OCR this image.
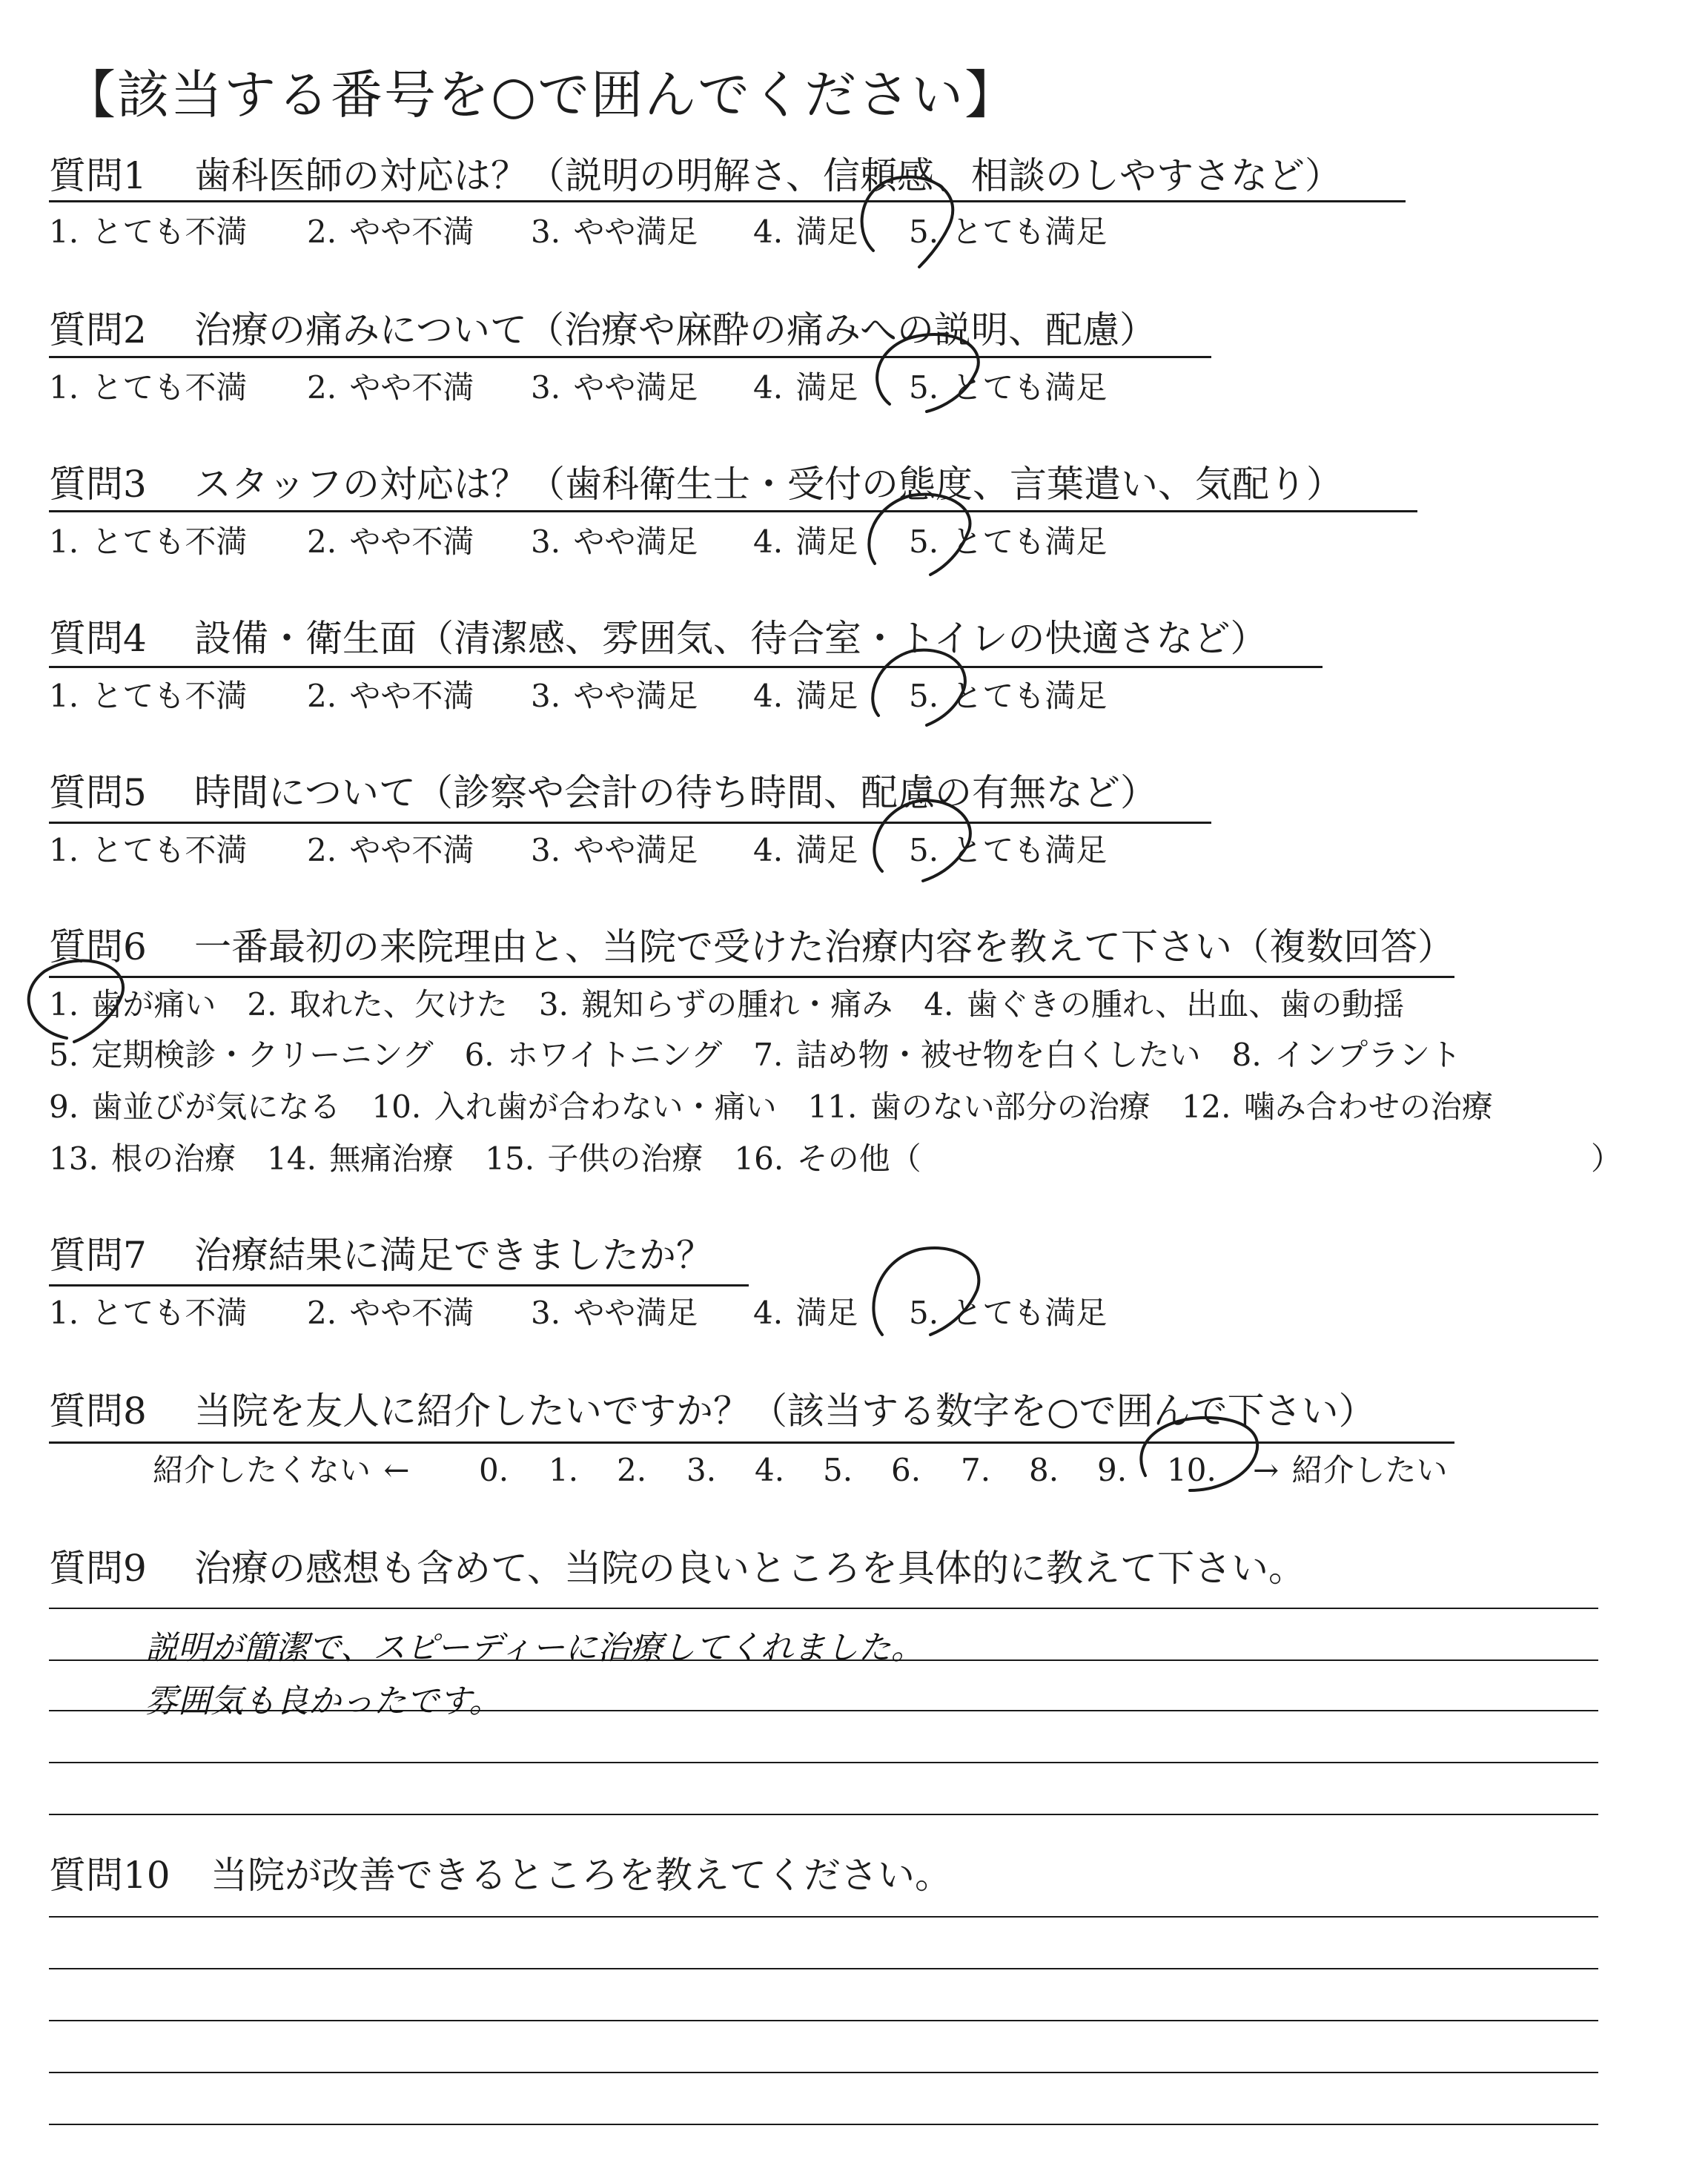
【該当する番号を○で囲んでください】
質問1 歯科医師の対応は？（説明の明解さ、信頼感、相談のしやすさなど）
1. とても不満 2. やや不満 3. やや満足 4. 満足 5. とても満足
質問2 治療の痛みについて（治療や麻酔の痛みへの説明、配慮）
1. とても不満 2. やや不満 3. やや満足 4. 満足 5. とても満足
質問3 スタッフの対応は？（歯科衛生士・受付の態度、言葉遣い、気配り）
1. とても不満 2. やや不満 3. やや満足 4. 満足 5. とても満足
質問4 設備・衛生面（清潔感、雰囲気、待合室・トイレの快適さなど）
1. とても不満 2. やや不満 3. やや満足 4. 満足 5. とても満足
質問5 時間について（診察や会計の待ち時間、配慮の有無など）
1. とても不満 2. やや不満 3. やや満足 4. 満足 5. とても満足
質問6 一番最初の来院理由と、当院で受けた治療内容を教えて下さい（複数回答）
1. 歯が痛い　2. 取れた、欠けた　3. 親知らずの腫れ・痛み　4. 歯ぐきの腫れ、出血、歯の動揺
5. 定期検診・クリーニング　6. ホワイトニング　7. 詰め物・被せ物を白くしたい　8. インプラント
9. 歯並びが気になる　10. 入れ歯が合わない・痛い　11. 歯のない部分の治療　12. 噛み合わせの治療
13. 根の治療　14. 無痛治療　15. 子供の治療　16. その他（	）
質問7 治療結果に満足できましたか？
1. とても不満 2. やや不満 3. やや満足 4. 満足 5. とても満足
質問8 当院を友人に紹介したいですか？（該当する数字を○で囲んで下さい）
紹介したくない ← 0. 1. 2. 3. 4. 5. 6. 7. 8. 9. 10. → 紹介したい
質問9 治療の感想も含めて、当院の良いところを具体的に教えて下さい。
説明が簡潔で、スピーディーに治療してくれました。
雰囲気も良かったです。
質問10 当院が改善できるところを教えてください。
